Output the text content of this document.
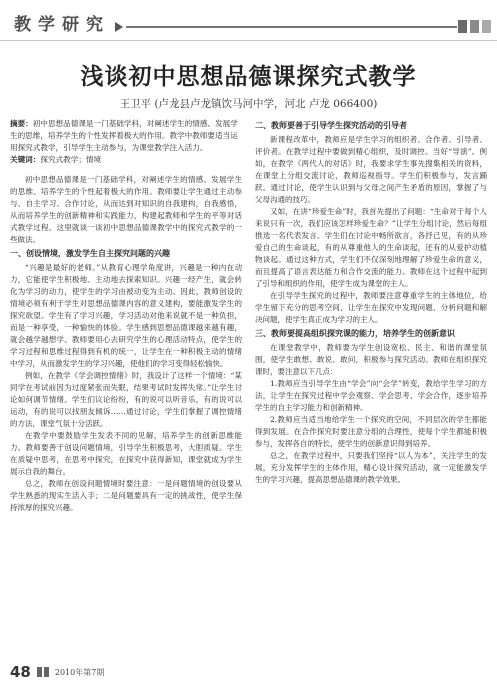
教学研究
浅谈初中思想品德课探究式教学
王卫平 (卢龙县卢龙镇饮马河中学，河北 卢龙 066400)
摘要：初中思想品德课是一门基础学科，对阐述学生的情感、发展学生的思维，培养学生的个性发挥着极大的作用。教学中教师要适当运用探究式教学，引导学生主动参与，为课堂教学注入活力。
关键词：探究式教学；情境

初中思想品德课是一门基础学科，对阐述学生的情感、发展学生的思维、培养学生的个性起着极大的作用。教师要让学生通过主动参与、自主学习、合作讨论，从而达到对知识的自我建构，自我感悟，从而培养学生的创新精神和实践能力，构建起教师和学生的平等对话式教学过程。这里就谈一谈初中思想品德课教学中的探究式教学的一些做法。

一、创设情境，激发学生自主探究问题的兴趣

“兴趣是最好的老师。”从教育心理学角度讲，兴趣是一种内在动力，它能使学生积极地、主动地去探索知识。兴趣一经产生，就会转化为学习的动力，使学生的学习由被动变为主动。因此，教师创设的情境必须有利于学生对思想品德课内容的意义建构，要能激发学生的探究欲望。学生有了学习兴趣，学习活动对他来说就不是一种负担，而是一种享受，一种愉快的体验。学生感到思想品德课越来越有趣，就会越学越想学。教师要用心去研究学生的心理活动特点，使学生的学习过程和思维过程得到有机的统一，让学生在一种积极主动的情绪中学习，从而激发学生的学习兴趣，使他们的学习变得轻松愉快。

例如，在教学《学会调控情绪》时，我设计了这样一个情境：“某同学在考试前因为过度紧张而失眠，结果考试时发挥失常。”让学生讨论如何调节情绪。学生们议论纷纷，有的说可以听音乐，有的说可以运动，有的说可以找朋友倾诉……通过讨论，学生们掌握了调控情绪的方法，课堂气氛十分活跃。

在教学中要鼓励学生发表不同的见解，培养学生的创新思维能力。教师要善于创设问题情境，引导学生积极思考，大胆质疑。学生在质疑中思考，在思考中探究，在探究中获得新知，课堂就成为学生展示自我的舞台。

总之，教师在创设问题情境时要注意：一是问题情境的创设要从学生熟悉的现实生活入手；二是问题要具有一定的挑战性，使学生保持浓厚的探究兴趣。

二、教师要善于引导学生探究活动的引导者

新课程改革中，教师应是学生学习的组织者、合作者、引导者、评价者。在教学过程中要做到精心组织，及时调控。当好“导演”。例如，在教学《两代人的对话》时，我要求学生事先搜集相关的资料，在课堂上分组交流讨论，教师巡视指导。学生们积极参与，发言踊跃。通过讨论，使学生认识到与父母之间产生矛盾的原因，掌握了与父母沟通的技巧。

又如，在讲“珍爱生命”时，我首先提出了问题：“生命对于每个人来说只有一次，我们应该怎样珍爱生命？”让学生分组讨论，然后每组推选一名代表发言。学生们在讨论中畅所欲言，各抒己见，有的从珍爱自己的生命谈起，有的从尊重他人的生命谈起，还有的从爱护动植物谈起。通过这种方式，学生们不仅深刻地理解了珍爱生命的意义，而且提高了语言表达能力和合作交流的能力。教师在这个过程中起到了引导和组织的作用，使学生成为课堂的主人。

在引导学生探究的过程中，教师要注意尊重学生的主体地位，给学生留下充分的思考空间，让学生在探究中发现问题、分析问题和解决问题，使学生真正成为学习的主人。

三、教师要提高组织探究课的能力，培养学生的创新意识

在课堂教学中，教师要为学生创设宽松、民主、和谐的课堂氛围，使学生敢想、敢说、敢问，积极参与探究活动。教师在组织探究课时，要注意以下几点：

1.教师应当引导学生由“学会”向“会学”转变，教给学生学习的方法，让学生在探究过程中学会观察、学会思考、学会合作，逐步培养学生的自主学习能力和创新精神。

2.教师应当适当地给学生一个探究的空间，不同层次的学生都能得到发展。在合作探究时要注意分组的合理性，使每个学生都能积极参与，发挥各自的特长，使学生的创新意识得到培养。

总之，在教学过程中，只要我们坚持“以人为本”，关注学生的发展，充分发挥学生的主体作用，精心设计探究活动，就一定能激发学生的学习兴趣，提高思想品德课的教学效果。

48	2010年第7期
